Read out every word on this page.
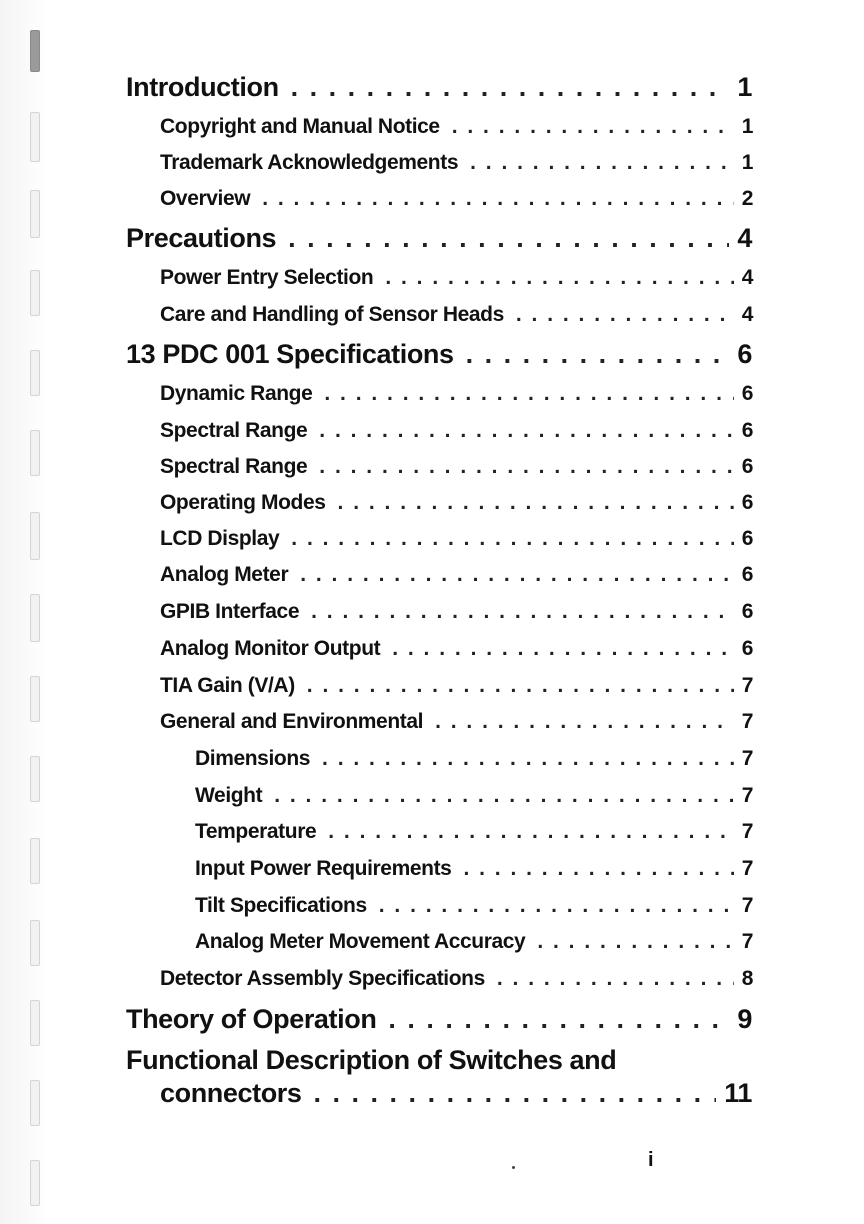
Introduction . . .	1
Copyright and Manual Notice . . .	1
Trademark Acknowledgements . . .	1
Overview . . .	2
Precautions . . .	4
Power Entry Selection . . .	4
Care and Handling of Sensor Heads . . .	4
13 PDC 001 Specifications . . .	6
Dynamic Range . . .	6
Spectral Range . . .	6
Spectral Range . . .	6
Operating Modes . . .	6
LCD Display . . .	6
Analog Meter . . .	6
GPIB Interface . . .	6
Analog Monitor Output . . .	6
TIA Gain (V/A) . . .	7
General and Environmental . . .	7
Dimensions . . .	7
Weight . . .	7
Temperature . . .	7
Input Power Requirements . . .	7
Tilt Specifications . . .	7
Analog Meter Movement Accuracy . . .	7
Detector Assembly Specifications . . .	8
Theory of Operation . . .	9
Functional Description of Switches and
connectors . . .	11
i
